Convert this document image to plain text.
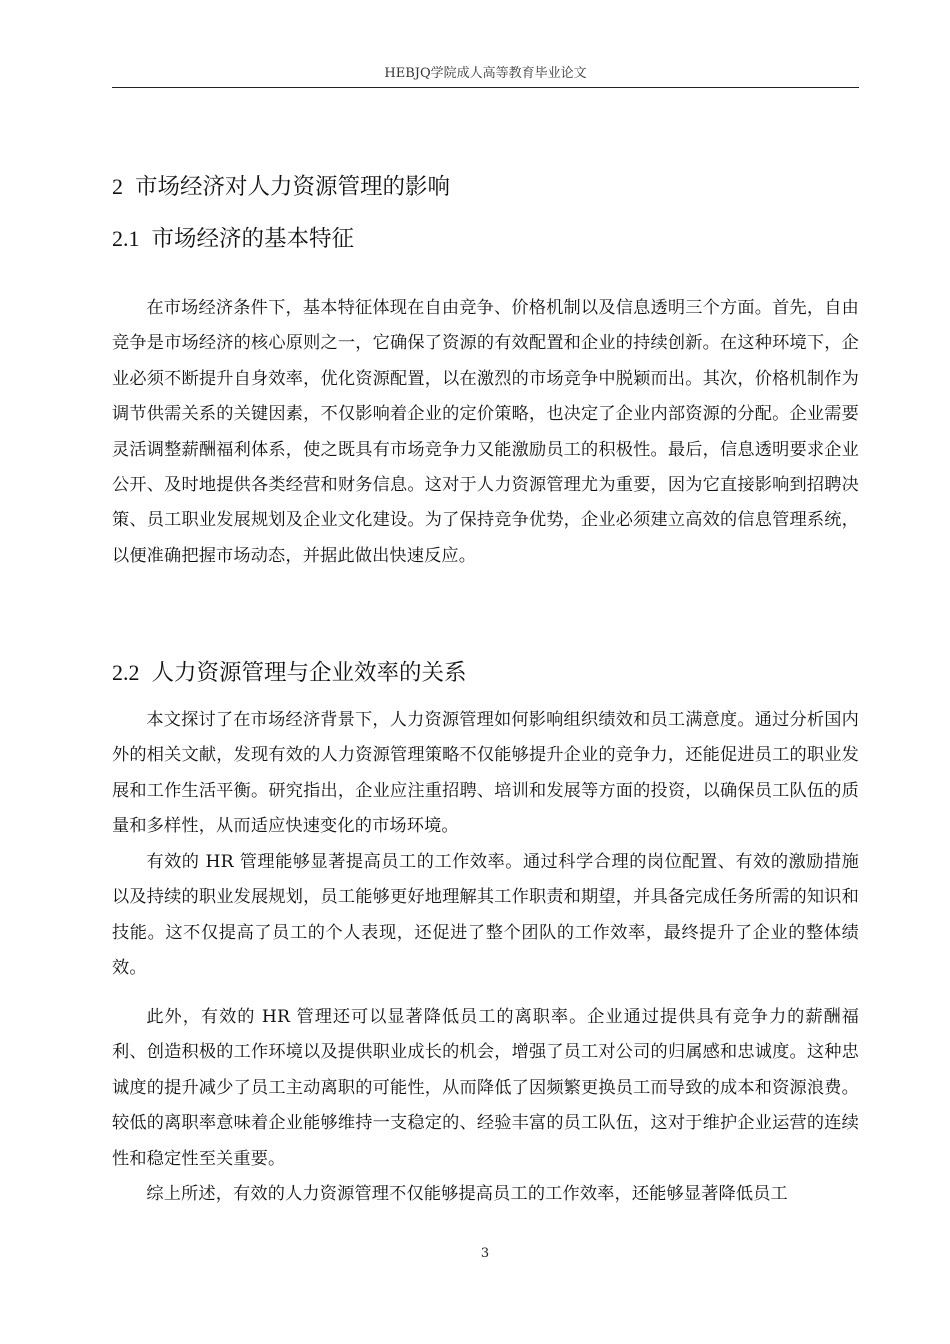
HEBJQ学院成人高等教育毕业论文
2 市场经济对人力资源管理的影响
2.1 市场经济的基本特征

在市场经济条件下，基本特征体现在自由竞争、价格机制以及信息透明三个方面。首先，自由竞争是市场经济的核心原则之一，它确保了资源的有效配置和企业的持续创新。在这种环境下，企业必须不断提升自身效率，优化资源配置，以在激烈的市场竞争中脱颖而出。其次，价格机制作为调节供需关系的关键因素，不仅影响着企业的定价策略，也决定了企业内部资源的分配。企业需要灵活调整薪酬福利体系，使之既具有市场竞争力又能激励员工的积极性。最后，信息透明要求企业公开、及时地提供各类经营和财务信息。这对于人力资源管理尤为重要，因为它直接影响到招聘决策、员工职业发展规划及企业文化建设。为了保持竞争优势，企业必须建立高效的信息管理系统，以便准确把握市场动态，并据此做出快速反应。

2.2 人力资源管理与企业效率的关系

本文探讨了在市场经济背景下，人力资源管理如何影响组织绩效和员工满意度。通过分析国内外的相关文献，发现有效的人力资源管理策略不仅能够提升企业的竞争力，还能促进员工的职业发展和工作生活平衡。研究指出，企业应注重招聘、培训和发展等方面的投资，以确保员工队伍的质量和多样性，从而适应快速变化的市场环境。

有效的 HR 管理能够显著提高员工的工作效率。通过科学合理的岗位配置、有效的激励措施以及持续的职业发展规划，员工能够更好地理解其工作职责和期望，并具备完成任务所需的知识和技能。这不仅提高了员工的个人表现，还促进了整个团队的工作效率，最终提升了企业的整体绩效。

此外，有效的 HR 管理还可以显著降低员工的离职率。企业通过提供具有竞争力的薪酬福利、创造积极的工作环境以及提供职业成长的机会，增强了员工对公司的归属感和忠诚度。这种忠诚度的提升减少了员工主动离职的可能性，从而降低了因频繁更换员工而导致的成本和资源浪费。较低的离职率意味着企业能够维持一支稳定的、经验丰富的员工队伍，这对于维护企业运营的连续性和稳定性至关重要。

综上所述，有效的人力资源管理不仅能够提高员工的工作效率，还能够显著降低员工

3
